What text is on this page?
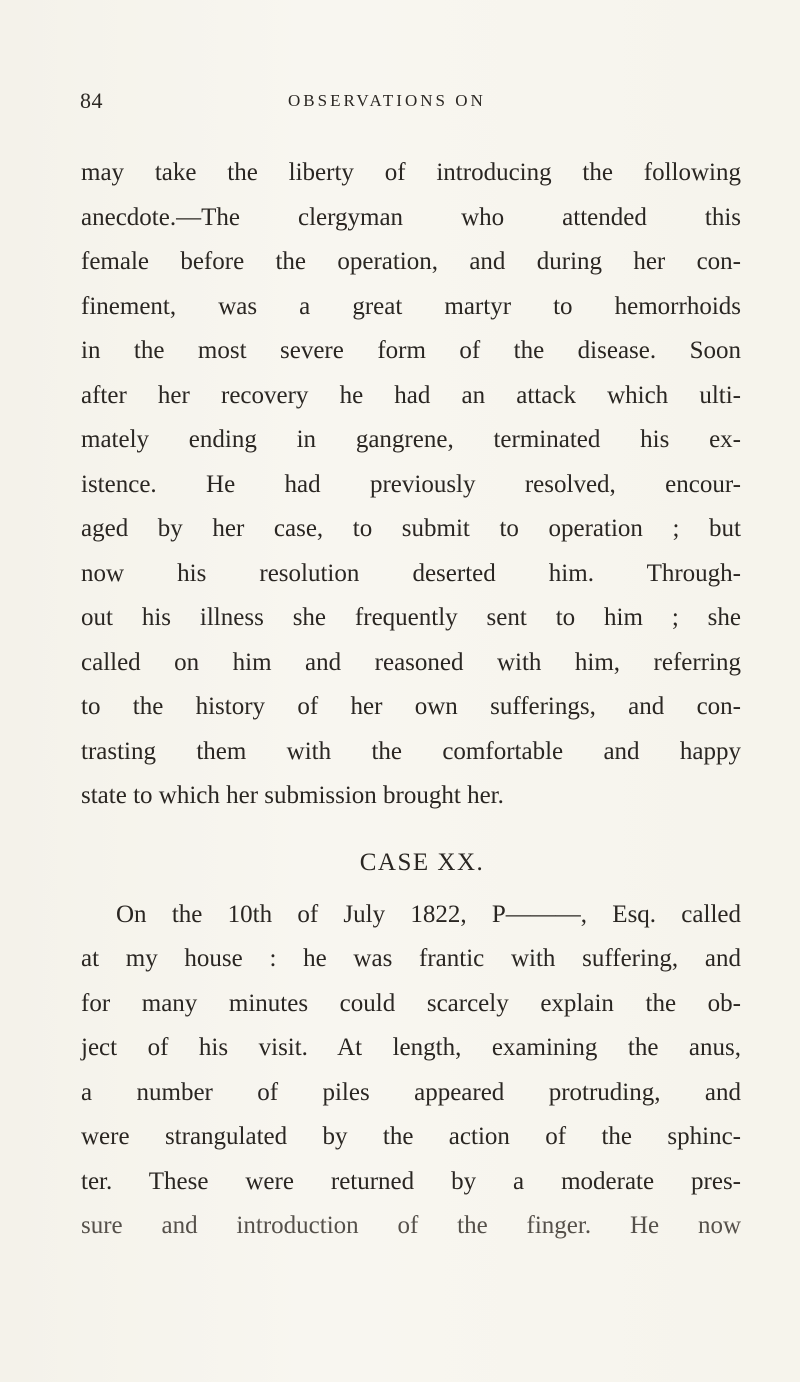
84	OBSERVATIONS ON
may take the liberty of introducing the following
anecdote.—The clergyman who attended this
female before the operation, and during her con-
finement, was a great martyr to hemorrhoids
in the most severe form of the disease. Soon
after her recovery he had an attack which ulti-
mately ending in gangrene, terminated his ex-
istence. He had previously resolved, encour-
aged by her case, to submit to operation ; but
now his resolution deserted him. Through-
out his illness she frequently sent to him ; she
called on him and reasoned with him, referring
to the history of her own sufferings, and con-
trasting them with the comfortable and happy
state to which her submission brought her.
CASE XX.
On the 10th of July 1822, P———, Esq. called
at my house : he was frantic with suffering, and
for many minutes could scarcely explain the ob-
ject of his visit. At length, examining the anus,
a number of piles appeared protruding, and
were strangulated by the action of the sphinc-
ter. These were returned by a moderate pres-
sure and introduction of the finger. He now
